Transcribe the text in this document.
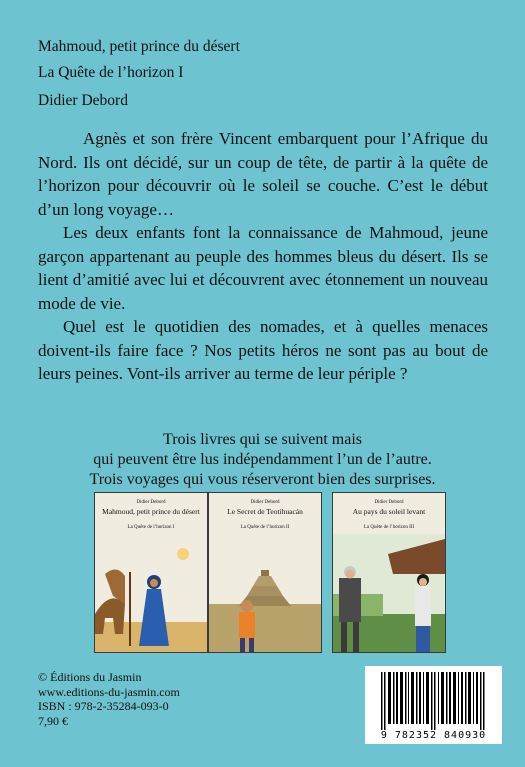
Mahmoud, petit prince du désert
La Quête de l’horizon I
Didier Debord

Agnès et son frère Vincent embarquent pour l’Afrique du Nord. Ils ont décidé, sur un coup de tête, de partir à la quête de l’horizon pour découvrir où le soleil se couche. C’est le début d’un long voyage…

Les deux enfants font la connaissance de Mahmoud, jeune garçon appartenant au peuple des hommes bleus du désert. Ils se lient d’amitié avec lui et découvrent avec étonnement un nouveau mode de vie.

Quel est le quotidien des nomades, et à quelles menaces doivent-ils faire face ? Nos petits héros ne sont pas au bout de leurs peines. Vont-ils arriver au terme de leur périple ?

Trois livres qui se suivent mais
qui peuvent être lus indépendamment l’un de l’autre.
Trois voyages qui vous réserveront bien des surprises.
Didier Debord
Mahmoud, petit prince du désert
La Quête de l’horizon I
Didier Debord
Le Secret de Teotihuacán
La Quête de l’horizon II
Didier Debord
Au pays du soleil levant
La Quête de l’horizon III
© Éditions du Jasmin
www.editions-du-jasmin.com
ISBN : 978-2-35284-093-0
7,90 €
9 782352 840930
